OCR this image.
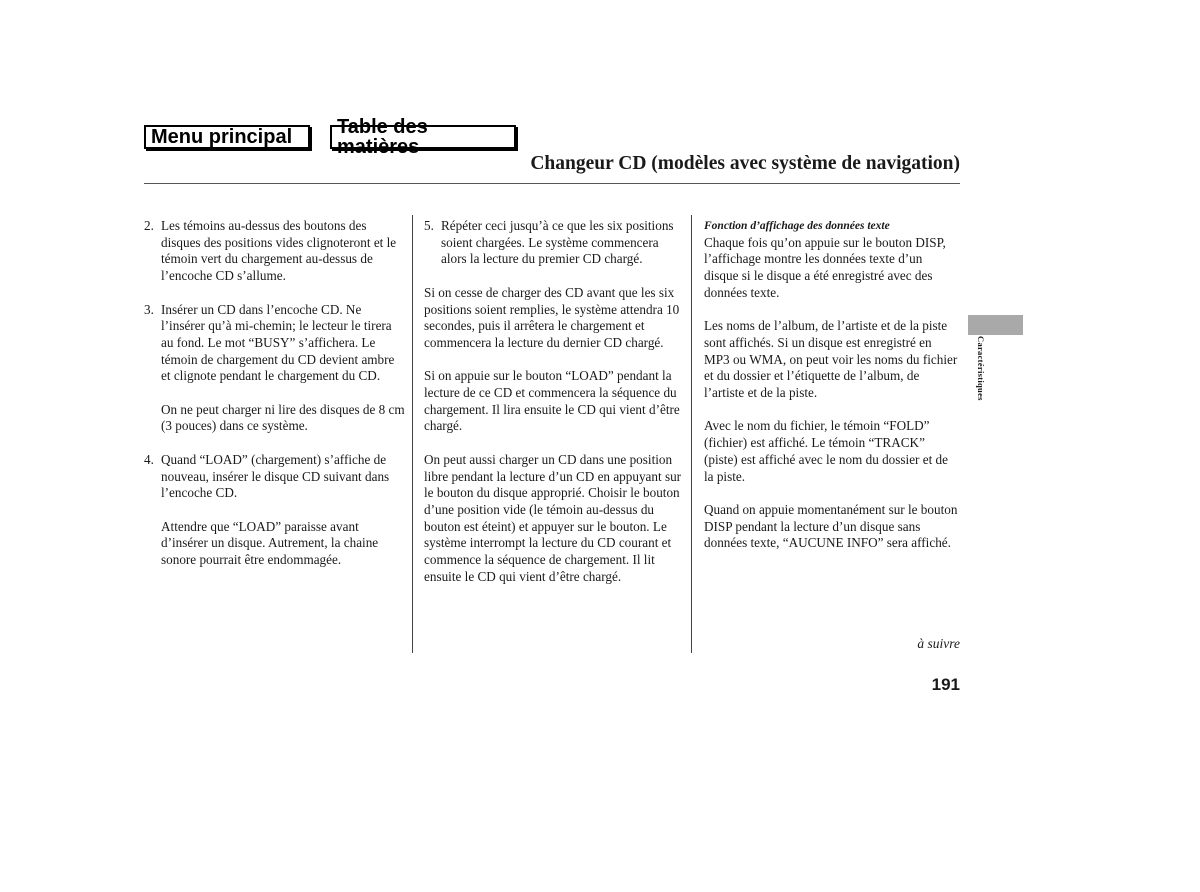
Menu principal Table des matières
Changeur CD (modèles avec système de navigation)
2. Les témoins au-dessus des boutons des disques des positions vides clignoteront et le témoin vert du chargement au-dessus de l’encoche CD s’allume.

3. Insérer un CD dans l’encoche CD. Ne l’insérer qu’à mi-chemin; le lecteur le tirera au fond. Le mot “BUSY” s’affichera. Le témoin de chargement du CD devient ambre et clignote pendant le chargement du CD.

On ne peut charger ni lire des disques de 8 cm (3 pouces) dans ce système.

4. Quand “LOAD” (chargement) s’affiche de nouveau, insérer le disque CD suivant dans l’encoche CD.

Attendre que “LOAD” paraisse avant d’insérer un disque. Autrement, la chaine sonore pourrait être endommagée.

5. Répéter ceci jusqu’à ce que les six positions soient chargées. Le système commencera alors la lecture du premier CD chargé.

Si on cesse de charger des CD avant que les six positions soient remplies, le système attendra 10 secondes, puis il arrêtera le chargement et commencera la lecture du dernier CD chargé.

Si on appuie sur le bouton “LOAD” pendant la lecture de ce CD et commencera la séquence du chargement. Il lira ensuite le CD qui vient d’être chargé.

On peut aussi charger un CD dans une position libre pendant la lecture d’un CD en appuyant sur le bouton du disque approprié. Choisir le bouton d’une position vide (le témoin au-dessus du bouton est éteint) et appuyer sur le bouton. Le système interrompt la lecture du CD courant et commence la séquence de chargement. Il lit ensuite le CD qui vient d’être chargé.

Fonction d’affichage des données texte

Chaque fois qu’on appuie sur le bouton DISP, l’affichage montre les données texte d’un disque si le disque a été enregistré avec des données texte.

Les noms de l’album, de l’artiste et de la piste sont affichés. Si un disque est enregistré en MP3 ou WMA, on peut voir les noms du fichier et du dossier et l’étiquette de l’album, de l’artiste et de la piste.

Avec le nom du fichier, le témoin “FOLD” (fichier) est affiché. Le témoin “TRACK” (piste) est affiché avec le nom du dossier et de la piste.

Quand on appuie momentanément sur le bouton DISP pendant la lecture d’un disque sans données texte, “AUCUNE INFO” sera affiché.

à suivre
191
Caractéristiques
